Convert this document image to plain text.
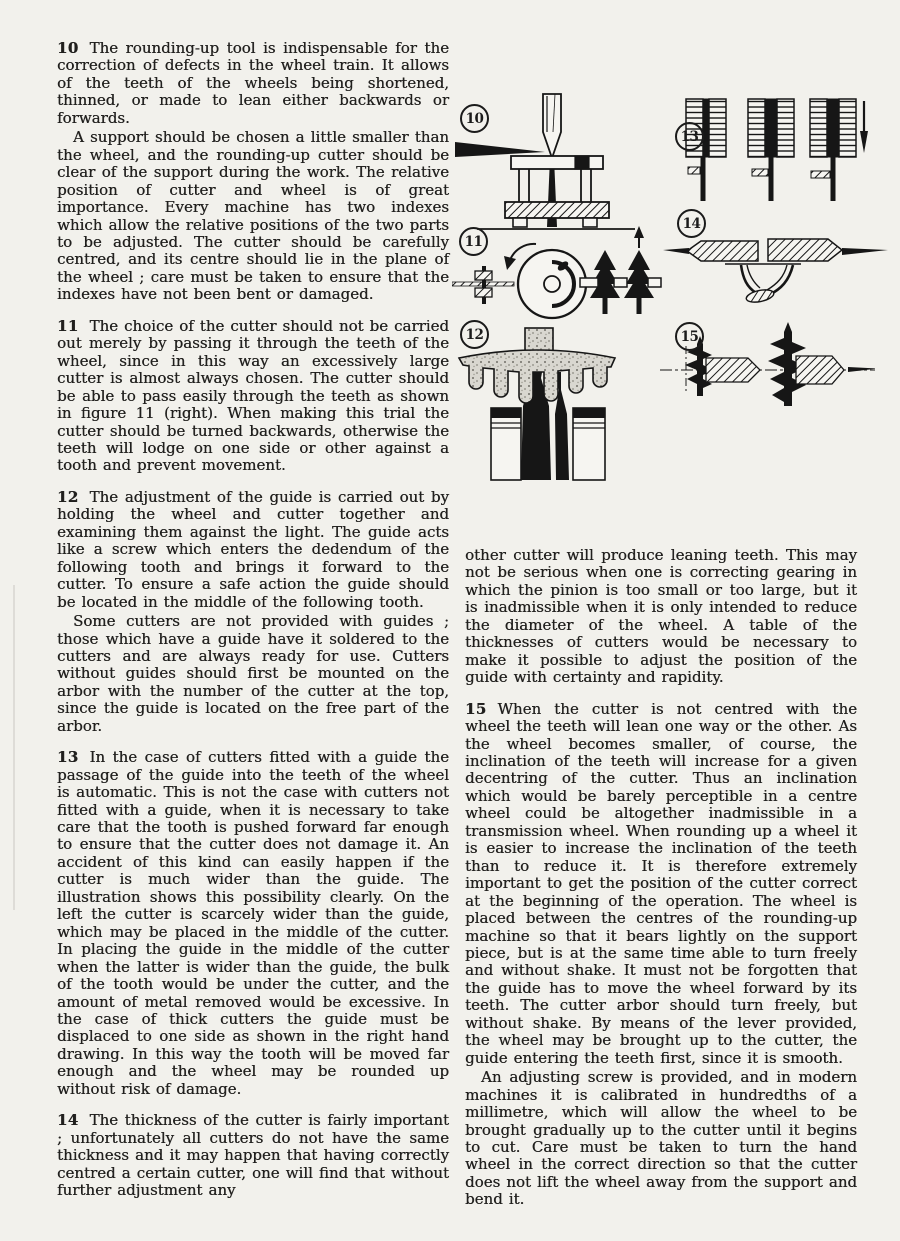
10 The rounding-up tool is indispensable for the correction of defects in the wheel train. It allows of the teeth of the wheels being shortened, thinned, or made to lean either backwards or forwards.

A support should be chosen a little smaller than the wheel, and the rounding-up cutter should be clear of the support during the work. The relative position of cutter and wheel is of great importance. Every machine has two indexes which allow the relative positions of the two parts to be adjusted. The cutter should be carefully centred, and its centre should lie in the plane of the wheel ; care must be taken to ensure that the indexes have not been bent or damaged.

11 The choice of the cutter should not be carried out merely by passing it through the teeth of the wheel, since in this way an excessively large cutter is almost always chosen. The cutter should be able to pass easily through the teeth as shown in figure 11 (right). When making this trial the cutter should be turned backwards, otherwise the teeth will lodge on one side or other against a tooth and prevent movement.

12 The adjustment of the guide is carried out by holding the wheel and cutter together and examining them against the light. The guide acts like a screw which enters the dedendum of the following tooth and brings it forward to the cutter. To ensure a safe action the guide should be located in the middle of the following tooth.

Some cutters are not provided with guides ; those which have a guide have it soldered to the cutters and are always ready for use. Cutters without guides should first be mounted on the arbor with the number of the cutter at the top, since the guide is located on the free part of the arbor.

13 In the case of cutters fitted with a guide the passage of the guide into the teeth of the wheel is automatic. This is not the case with cutters not fitted with a guide, when it is necessary to take care that the tooth is pushed forward far enough to ensure that the cutter does not damage it. An accident of this kind can easily happen if the cutter is much wider than the guide. The illustration shows this possibility clearly. On the left the cutter is scarcely wider than the guide, which may be placed in the middle of the cutter. In placing the guide in the middle of the cutter when the latter is wider than the guide, the bulk of the tooth would be under the cutter, and the amount of metal removed would be excessive. In the case of thick cutters the guide must be displaced to one side as shown in the right hand drawing. In this way the tooth will be moved far enough and the wheel may be rounded up without risk of damage.

14 The thickness of the cutter is fairly important ; unfortunately all cutters do not have the same thickness and it may happen that having correctly centred a certain cutter, one will find that without further adjustment any

other cutter will produce leaning teeth. This may not be serious when one is correcting gearing in which the pinion is too small or too large, but it is inadmissible when it is only intended to reduce the diameter of the wheel. A table of the thicknesses of cutters would be necessary to make it possible to adjust the position of the guide with certainty and rapidity.

15 When the cutter is not centred with the wheel the teeth will lean one way or the other. As the wheel becomes smaller, of course, the inclination of the teeth will increase for a given decentring of the cutter. Thus an inclination which would be barely perceptible in a centre wheel could be altogether inadmissible in a transmission wheel. When rounding up a wheel it is easier to increase the inclination of the teeth than to reduce it. It is therefore extremely important to get the position of the cutter correct at the beginning of the operation. The wheel is placed between the centres of the rounding-up machine so that it bears lightly on the support piece, but is at the same time able to turn freely and without shake. It must not be forgotten that the guide has to move the wheel forward by its teeth. The cutter arbor should turn freely, but without shake. By means of the lever provided, the wheel may be brought up to the cutter, the guide entering the teeth first, since it is smooth.

An adjusting screw is provided, and in modern machines it is calibrated in hundredths of a millimetre, which will allow the wheel to be brought gradually up to the cutter until it begins to cut. Care must be taken to turn the hand wheel in the correct direction so that the cutter does not lift the wheel away from the support and bend it.

10
13
11
14
12	15
